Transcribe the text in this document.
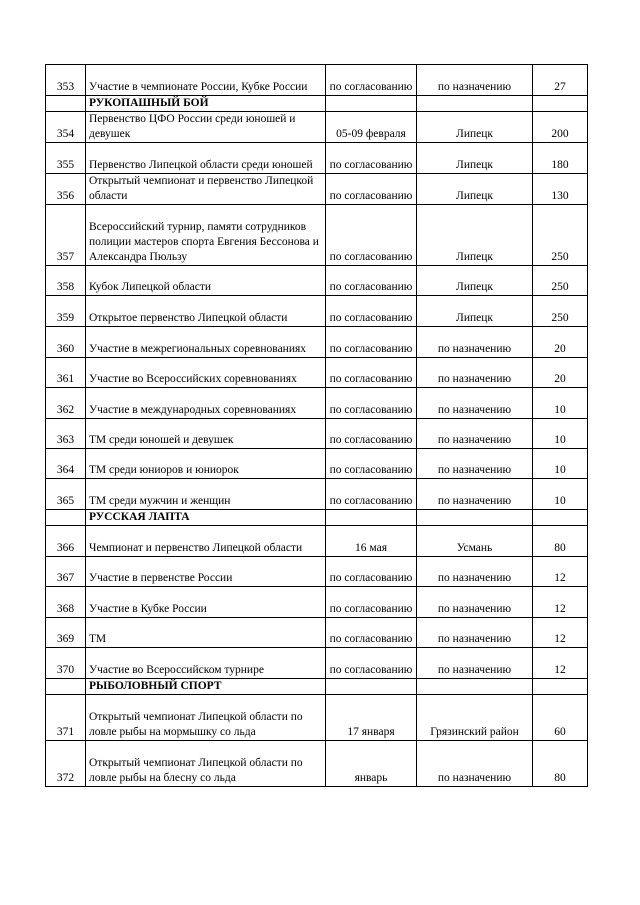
353	Участие в чемпионате России, Кубке России	по согласованию	по назначению	27
	РУКОПАШНЫЙ БОЙ			
354	Первенство ЦФО России среди юношей и девушек	05-09 февраля	Липецк	200
355	Первенство Липецкой области среди юношей	по согласованию	Липецк	180
356	Открытый чемпионат и первенство Липецкой области	по согласованию	Липецк	130
357	Всероссийский турнир, памяти сотрудников полиции мастеров спорта Евгения Бессонова и Александра Пюльзу	по согласованию	Липецк	250
358	Кубок Липецкой области	по согласованию	Липецк	250
359	Открытое первенство Липецкой области	по согласованию	Липецк	250
360	Участие в межрегиональных соревнованиях	по согласованию	по назначению	20
361	Участие во Всероссийских соревнованиях	по согласованию	по назначению	20
362	Участие в международных соревнованиях	по согласованию	по назначению	10
363	ТМ среди юношей и девушек	по согласованию	по назначению	10
364	ТМ среди юниоров и юниорок	по согласованию	по назначению	10
365	ТМ среди мужчин и женщин	по согласованию	по назначению	10
	РУССКАЯ ЛАПТА			
366	Чемпионат и первенство Липецкой области	16 мая	Усмань	80
367	Участие в первенстве России	по согласованию	по назначению	12
368	Участие в Кубке России	по согласованию	по назначению	12
369	ТМ	по согласованию	по назначению	12
370	Участие во Всероссийском турнире	по согласованию	по назначению	12
	РЫБОЛОВНЫЙ СПОРТ			
371	Открытый чемпионат Липецкой области по ловле рыбы на мормышку со льда	17 января	Грязинский район	60
372	Открытый чемпионат Липецкой области по ловле рыбы на блесну со льда	январь	по назначению	80
